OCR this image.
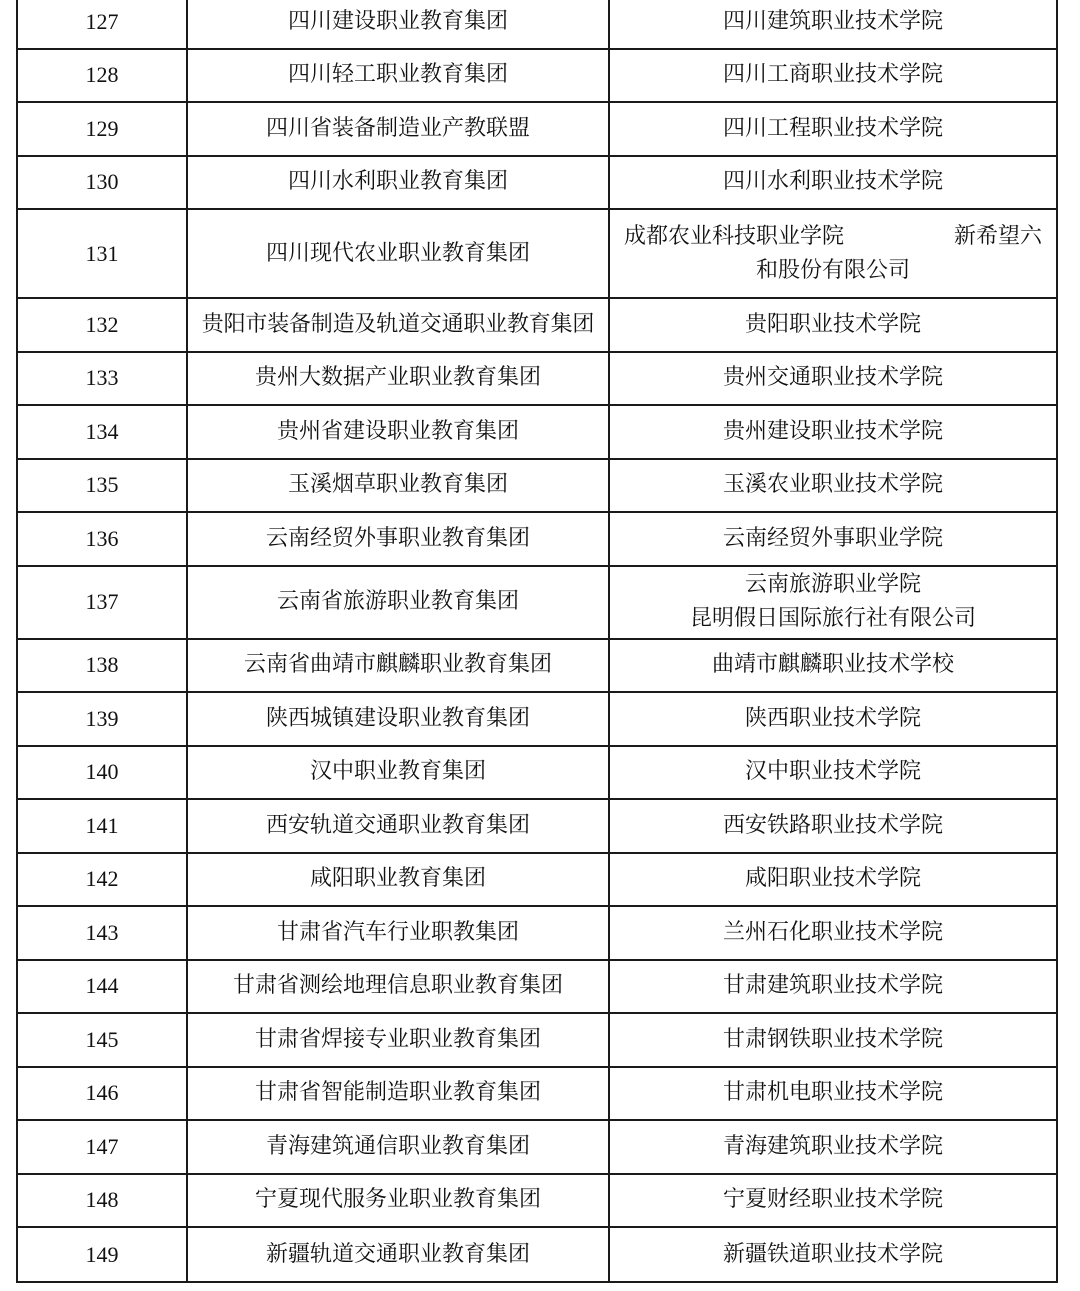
127	四川建设职业教育集团	四川建筑职业技术学院
128	四川轻工职业教育集团	四川工商职业技术学院
129	四川省装备制造业产教联盟	四川工程职业技术学院
130	四川水利职业教育集团	四川水利职业技术学院
131	四川现代农业职业教育集团	成都农业科技职业学院 新希望六
和股份有限公司

132	贵阳市装备制造及轨道交通职业教育集团	贵阳职业技术学院
133	贵州大数据产业职业教育集团	贵州交通职业技术学院
134	贵州省建设职业教育集团	贵州建设职业技术学院
135	玉溪烟草职业教育集团	玉溪农业职业技术学院
136	云南经贸外事职业教育集团	云南经贸外事职业学院
137	云南省旅游职业教育集团	云南旅游职业学院
昆明假日国际旅行社有限公司

138	云南省曲靖市麒麟职业教育集团	曲靖市麒麟职业技术学校
139	陕西城镇建设职业教育集团	陕西职业技术学院
140	汉中职业教育集团	汉中职业技术学院
141	西安轨道交通职业教育集团	西安铁路职业技术学院
142	咸阳职业教育集团	咸阳职业技术学院
143	甘肃省汽车行业职教集团	兰州石化职业技术学院
144	甘肃省测绘地理信息职业教育集团	甘肃建筑职业技术学院
145	甘肃省焊接专业职业教育集团	甘肃钢铁职业技术学院
146	甘肃省智能制造职业教育集团	甘肃机电职业技术学院
147	青海建筑通信职业教育集团	青海建筑职业技术学院
148	宁夏现代服务业职业教育集团	宁夏财经职业技术学院
149	新疆轨道交通职业教育集团	新疆铁道职业技术学院
